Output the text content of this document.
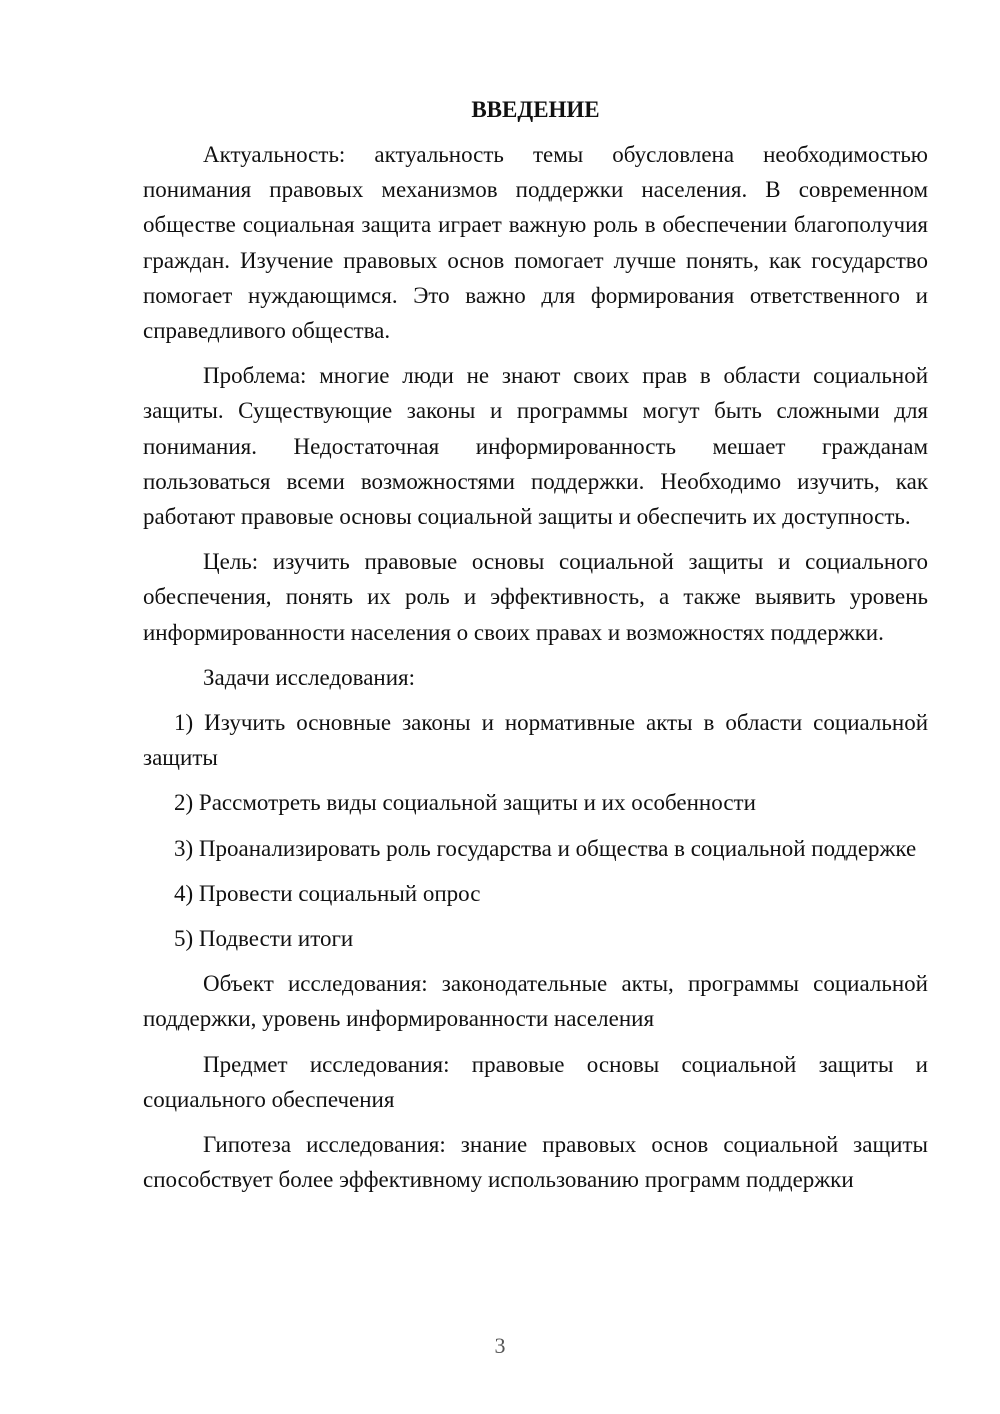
ВВЕДЕНИЕ

Актуальность: актуальность темы обусловлена необходимостью понимания правовых механизмов поддержки населения. В современном обществе социальная защита играет важную роль в обеспечении благополучия граждан. Изучение правовых основ помогает лучше понять, как государство помогает нуждающимся. Это важно для формирования ответственного и справедливого общества.

Проблема: многие люди не знают своих прав в области социальной защиты. Существующие законы и программы могут быть сложными для понимания. Недостаточная информированность мешает гражданам пользоваться всеми возможностями поддержки. Необходимо изучить, как работают правовые основы социальной защиты и обеспечить их доступность.

Цель: изучить правовые основы социальной защиты и социального обеспечения, понять их роль и эффективность, а также выявить уровень информированности населения о своих правах и возможностях поддержки.

Задачи исследования:

1) Изучить основные законы и нормативные акты в области социальной защиты

2) Рассмотреть виды социальной защиты и их особенности

3) Проанализировать роль государства и общества в социальной поддержке

4) Провести социальный опрос

5) Подвести итоги

Объект исследования: законодательные акты, программы социальной поддержки, уровень информированности населения

Предмет исследования: правовые основы социальной защиты и социального обеспечения

Гипотеза исследования: знание правовых основ социальной защиты способствует более эффективному использованию программ поддержки

3
